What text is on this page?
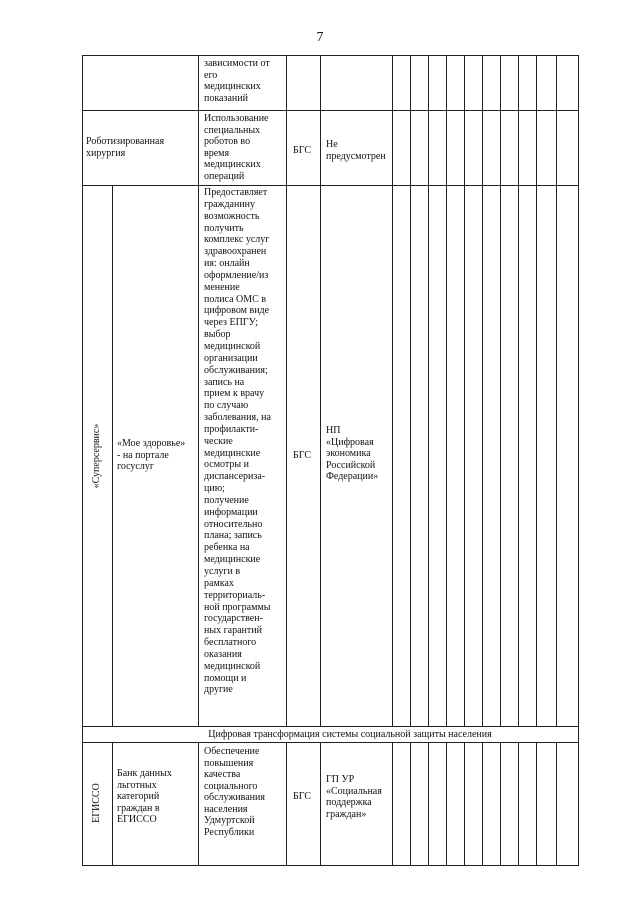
7
зависимости от
его
медицинских
показаний
Роботизированная
хирургия
Использование
специальных
роботов во
время
медицинских
операций
БГС
Не
предусмотрен
«Суперсервис» «Мое здоровье»
- на портале
госуслуг
Предоставляет
гражданину
возможность
получить
комплекс услуг
здравоохранен
ия: онлайн
оформление/из
менение
полиса ОМС в
цифровом виде
через ЕПГУ;
выбор
медицинской
организации
обслуживания;
запись на
прием к врачу
по случаю
заболевания, на
профилакти-
ческие
медицинские
осмотры и
диспансеризa-
цию;
получение
информации
относительно
плана; запись
ребенка на
медицинские
услуги в
рамках
территориаль-
ной программы
государствен-
ных гарантий
бесплатного
оказания
медицинской
помощи и
другие
БГС
НП
«Цифровая
экономика
Российской
Федерации»
Цифровая трансформация системы социальной защиты населения
ЕГИССО
Банк данных
льготных
категорий
граждан в
ЕГИССО
Обеспечение
повышения
качества
социального
обслуживания
населения
Удмуртской
Республики
БГС
ГП УР
«Социальная
поддержка
граждан»
